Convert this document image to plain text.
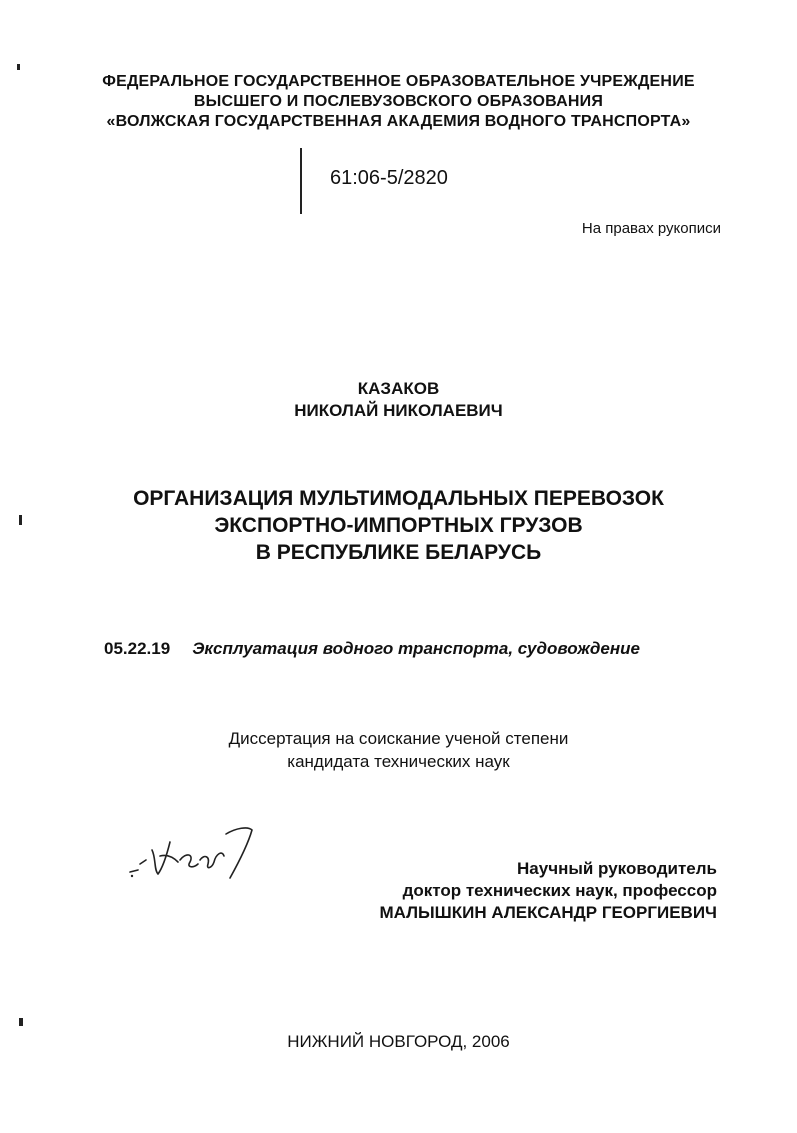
ФЕДЕРАЛЬНОЕ ГОСУДАРСТВЕННОЕ ОБРАЗОВАТЕЛЬНОЕ УЧРЕЖДЕНИЕ
ВЫСШЕГО И ПОСЛЕВУЗОВСКОГО ОБРАЗОВАНИЯ
«ВОЛЖСКАЯ ГОСУДАРСТВЕННАЯ АКАДЕМИЯ ВОДНОГО ТРАНСПОРТА»
61:06-5/2820
На правах рукописи
КАЗАКОВ
НИКОЛАЙ НИКОЛАЕВИЧ
ОРГАНИЗАЦИЯ МУЛЬТИМОДАЛЬНЫХ ПЕРЕВОЗОК
ЭКСПОРТНО-ИМПОРТНЫХ ГРУЗОВ
В РЕСПУБЛИКЕ БЕЛАРУСЬ
05.22.19 Эксплуатация водного транспорта, судовождение
Диссертация на соискание ученой степени
кандидата технических наук
Научный руководитель
доктор технических наук, профессор
МАЛЫШКИН АЛЕКСАНДР ГЕОРГИЕВИЧ
НИЖНИЙ НОВГОРОД, 2006
